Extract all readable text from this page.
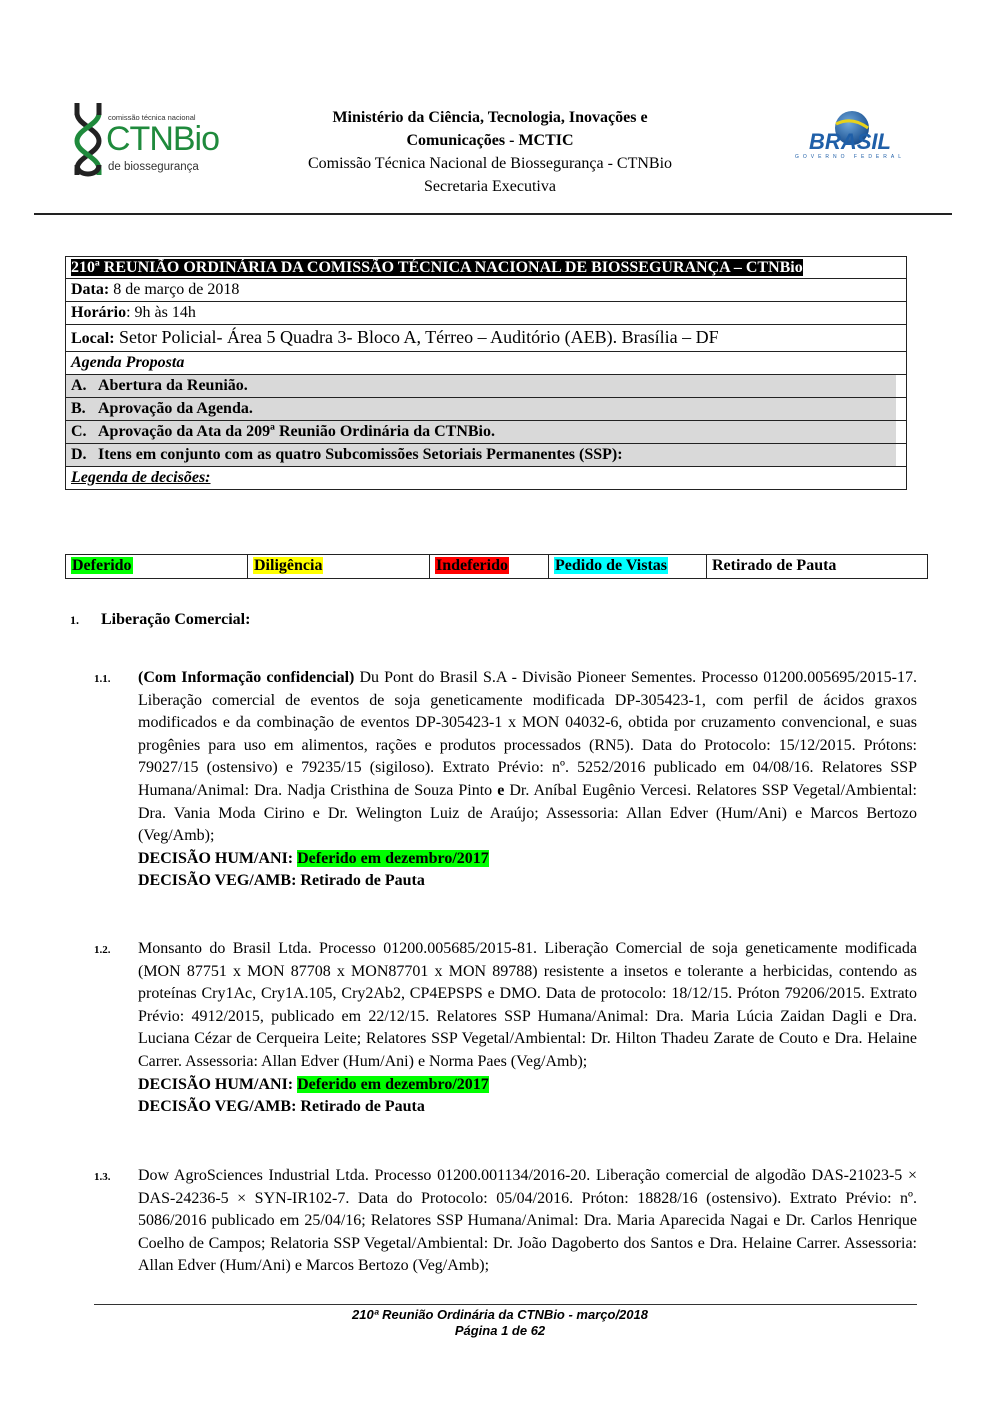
comissão técnica nacional
CTNBio
de biossegurança
Ministério da Ciência, Tecnologia, Inovações e
Comunicações - MCTIC
Comissão Técnica Nacional de Biossegurança - CTNBio
Secretaria Executiva
BRASIL
GOVERNO FEDERAL
210ª REUNIÃO ORDINÁRIA DA COMISSÃO TÉCNICA NACIONAL DE BIOSSEGURANÇA – CTNBio
Data: 8 de março de 2018
Horário: 9h às 14h
Local: Setor Policial- Área 5 Quadra 3- Bloco A, Térreo – Auditório (AEB). Brasília – DF
Agenda Proposta
A. Abertura da Reunião.
B. Aprovação da Agenda.
C. Aprovação da Ata da 209ª Reunião Ordinária da CTNBio.
D. Itens em conjunto com as quatro Subcomissões Setoriais Permanentes (SSP):
Legenda de decisões:
Deferido	Diligência	Indeferido	Pedido de Vistas	Retirado de Pauta
1. Liberação Comercial:
1.1. (Com Informação confidencial) Du Pont do Brasil S.A - Divisão Pioneer Sementes. Processo 01200.005695/2015-17. Liberação comercial de eventos de soja geneticamente modificada DP-305423-1, com perfil de ácidos graxos modificados e da combinação de eventos DP-305423-1 x MON 04032-6, obtida por cruzamento convencional, e suas progênies para uso em alimentos, rações e produtos processados (RN5). Data do Protocolo: 15/12/2015. Prótons: 79027/15 (ostensivo) e 79235/15 (sigiloso). Extrato Prévio: nº. 5252/2016 publicado em 04/08/16. Relatores SSP Humana/Animal: Dra. Nadja Cristhina de Souza Pinto e Dr. Aníbal Eugênio Vercesi. Relatores SSP Vegetal/Ambiental: Dra. Vania Moda Cirino e Dr. Welington Luiz de Araújo; Assessoria: Allan Edver (Hum/Ani) e Marcos Bertozo (Veg/Amb);
DECISÃO HUM/ANI: Deferido em dezembro/2017
DECISÃO VEG/AMB: Retirado de Pauta
1.2. Monsanto do Brasil Ltda. Processo 01200.005685/2015-81. Liberação Comercial de soja geneticamente modificada (MON 87751 x MON 87708 x MON87701 x MON 89788) resistente a insetos e tolerante a herbicidas, contendo as proteínas Cry1Ac, Cry1A.105, Cry2Ab2, CP4EPSPS e DMO. Data de protocolo: 18/12/15. Próton 79206/2015. Extrato Prévio: 4912/2015, publicado em 22/12/15. Relatores SSP Humana/Animal: Dra. Maria Lúcia Zaidan Dagli e Dra. Luciana Cézar de Cerqueira Leite; Relatores SSP Vegetal/Ambiental: Dr. Hilton Thadeu Zarate de Couto e Dra. Helaine Carrer. Assessoria: Allan Edver (Hum/Ani) e Norma Paes (Veg/Amb);
DECISÃO HUM/ANI: Deferido em dezembro/2017
DECISÃO VEG/AMB: Retirado de Pauta
1.3. Dow AgroSciences Industrial Ltda. Processo 01200.001134/2016-20. Liberação comercial de algodão DAS-21023-5 × DAS-24236-5 × SYN-IR102-7. Data do Protocolo: 05/04/2016. Próton: 18828/16 (ostensivo). Extrato Prévio: nº. 5086/2016 publicado em 25/04/16; Relatores SSP Humana/Animal: Dra. Maria Aparecida Nagai e Dr. Carlos Henrique Coelho de Campos; Relatoria SSP Vegetal/Ambiental: Dr. João Dagoberto dos Santos e Dra. Helaine Carrer. Assessoria: Allan Edver (Hum/Ani) e Marcos Bertozo (Veg/Amb);
210ª Reunião Ordinária da CTNBio - março/2018
Página 1 de 62
